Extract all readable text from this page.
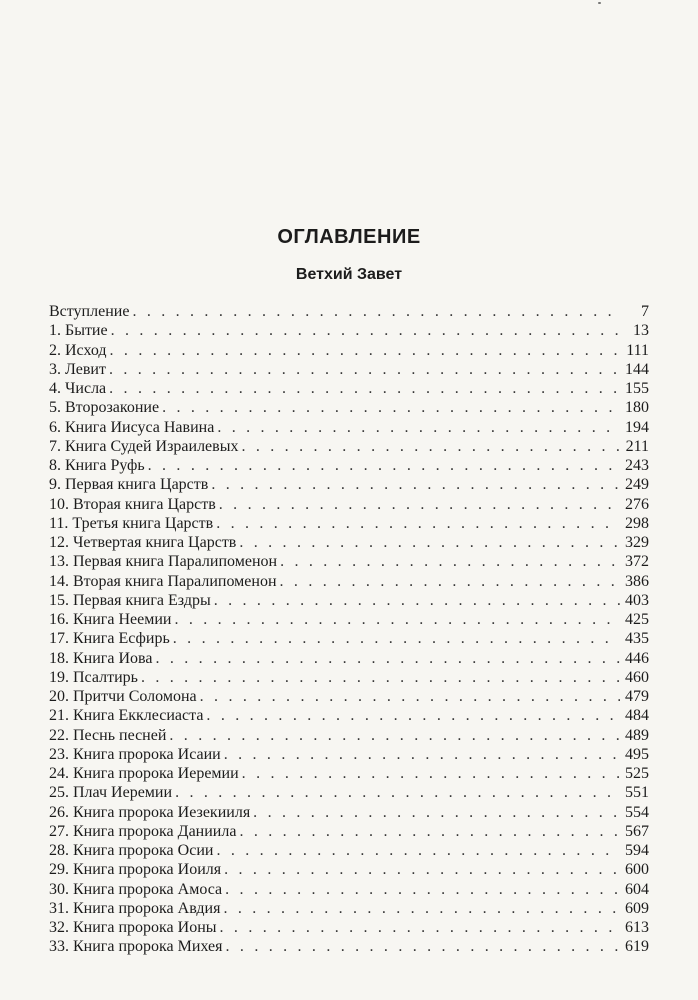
ОГЛАВЛЕНИЕ
Ветхий Завет
Вступление . . .	7
1. Бытие . . .	13
2. Исход . . .	111
3. Левит . . .	144
4. Числа . . .	155
5. Второзаконие . . .	180
6. Книга Иисуса Навина . . .	194
7. Книга Судей Израилевых . . .	211
8. Книга Руфь . . .	243
9. Первая книга Царств . . .	249
10. Вторая книга Царств . . .	276
11. Третья книга Царств . . .	298
12. Четвертая книга Царств . . .	329
13. Первая книга Паралипоменон . . .	372
14. Вторая книга Паралипоменон . . .	386
15. Первая книга Ездры . . .	403
16. Книга Неемии . . .	425
17. Книга Есфирь . . .	435
18. Книга Иова . . .	446
19. Псалтирь . . .	460
20. Притчи Соломона . . .	479
21. Книга Екклесиаста . . .	484
22. Песнь песней . . .	489
23. Книга пророка Исаии . . .	495
24. Книга пророка Иеремии . . .	525
25. Плач Иеремии . . .	551
26. Книга пророка Иезекииля . . .	554
27. Книга пророка Даниила . . .	567
28. Книга пророка Осии . . .	594
29. Книга пророка Иоиля . . .	600
30. Книга пророка Амоса . . .	604
31. Книга пророка Авдия . . .	609
32. Книга пророка Ионы . . .	613
33. Книга пророка Михея . . .	619
